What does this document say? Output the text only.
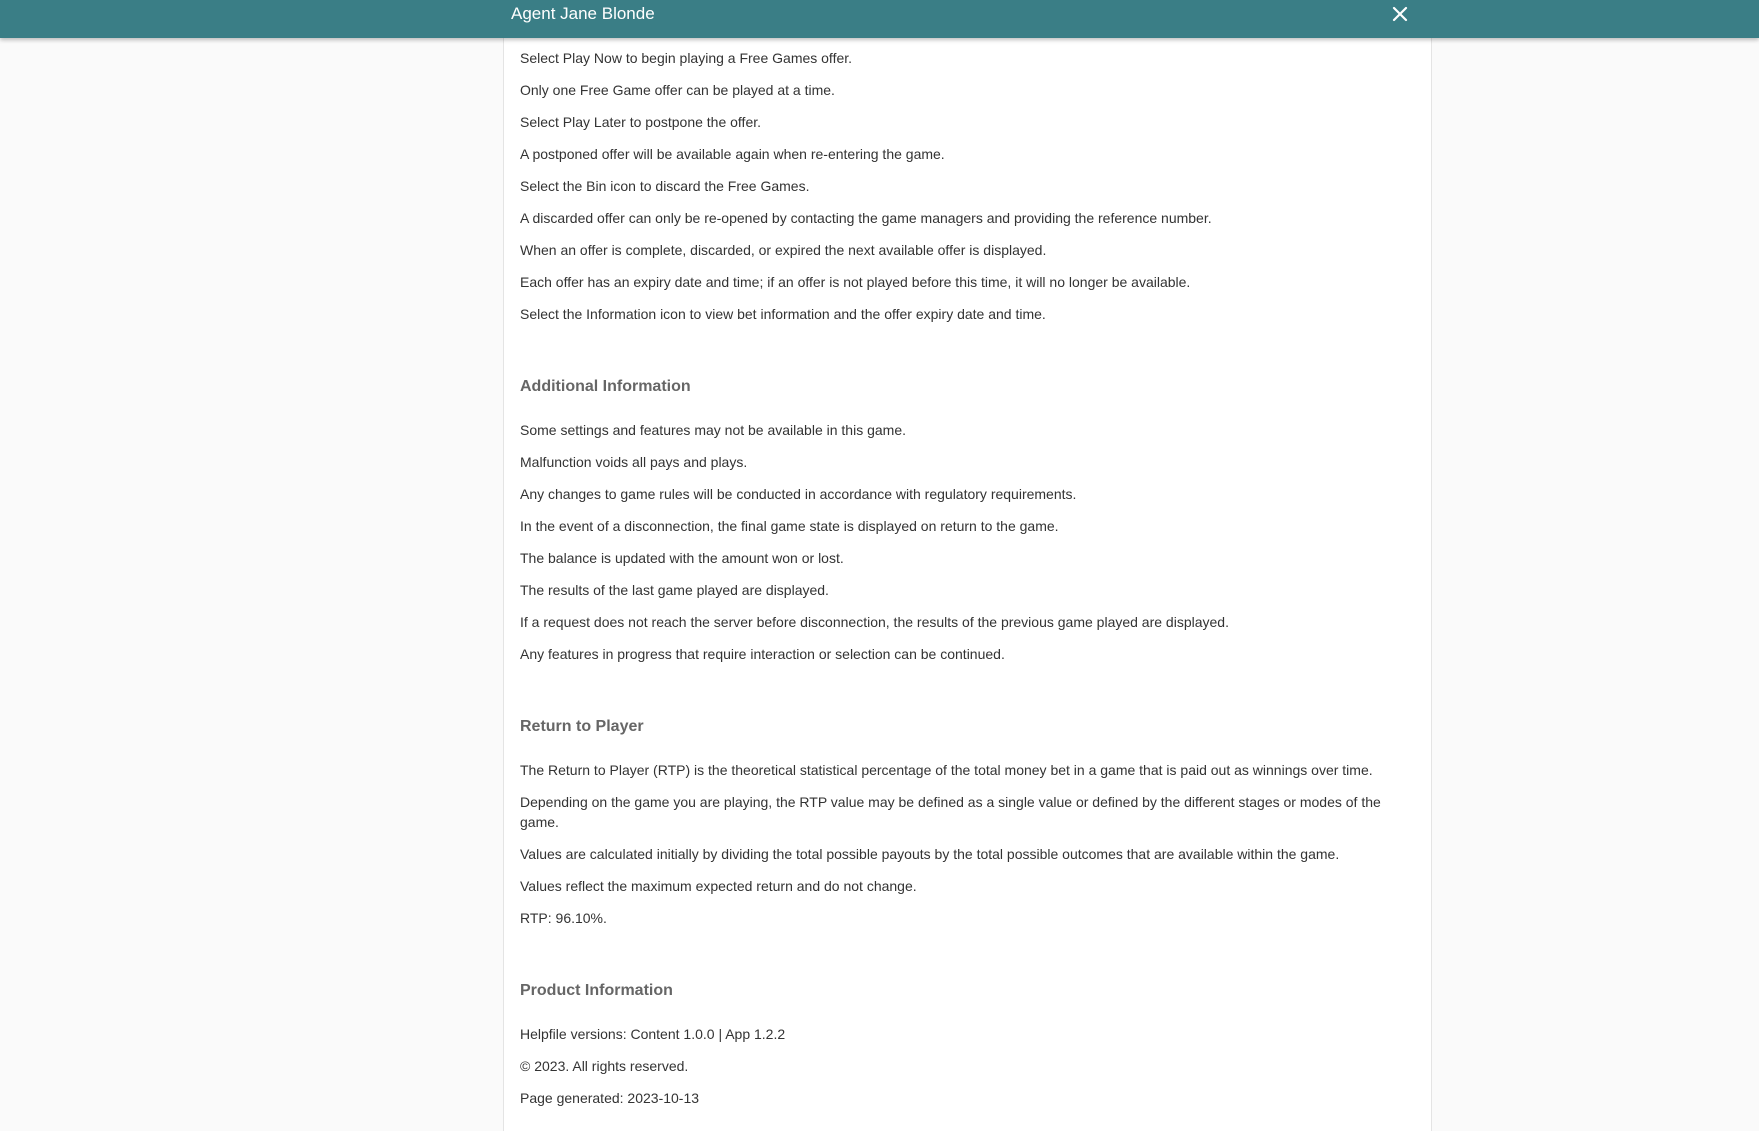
Agent Jane Blonde

Select Play Now to begin playing a Free Games offer.

Only one Free Game offer can be played at a time.

Select Play Later to postpone the offer.

A postponed offer will be available again when re-entering the game.

Select the Bin icon to discard the Free Games.

A discarded offer can only be re-opened by contacting the game managers and providing the reference number.

When an offer is complete, discarded, or expired the next available offer is displayed.

Each offer has an expiry date and time; if an offer is not played before this time, it will no longer be available.

Select the Information icon to view bet information and the offer expiry date and time.

Additional Information

Some settings and features may not be available in this game.

Malfunction voids all pays and plays.

Any changes to game rules will be conducted in accordance with regulatory requirements.

In the event of a disconnection, the final game state is displayed on return to the game.

The balance is updated with the amount won or lost.

The results of the last game played are displayed.

If a request does not reach the server before disconnection, the results of the previous game played are displayed.

Any features in progress that require interaction or selection can be continued.

Return to Player

The Return to Player (RTP) is the theoretical statistical percentage of the total money bet in a game that is paid out as winnings over time.

Depending on the game you are playing, the RTP value may be defined as a single value or defined by the different stages or modes of the game.

Values are calculated initially by dividing the total possible payouts by the total possible outcomes that are available within the game.

Values reflect the maximum expected return and do not change.

RTP: 96.10%.

Product Information

Helpfile versions: Content 1.0.0 | App 1.2.2

© 2023. All rights reserved.

Page generated: 2023-10-13
